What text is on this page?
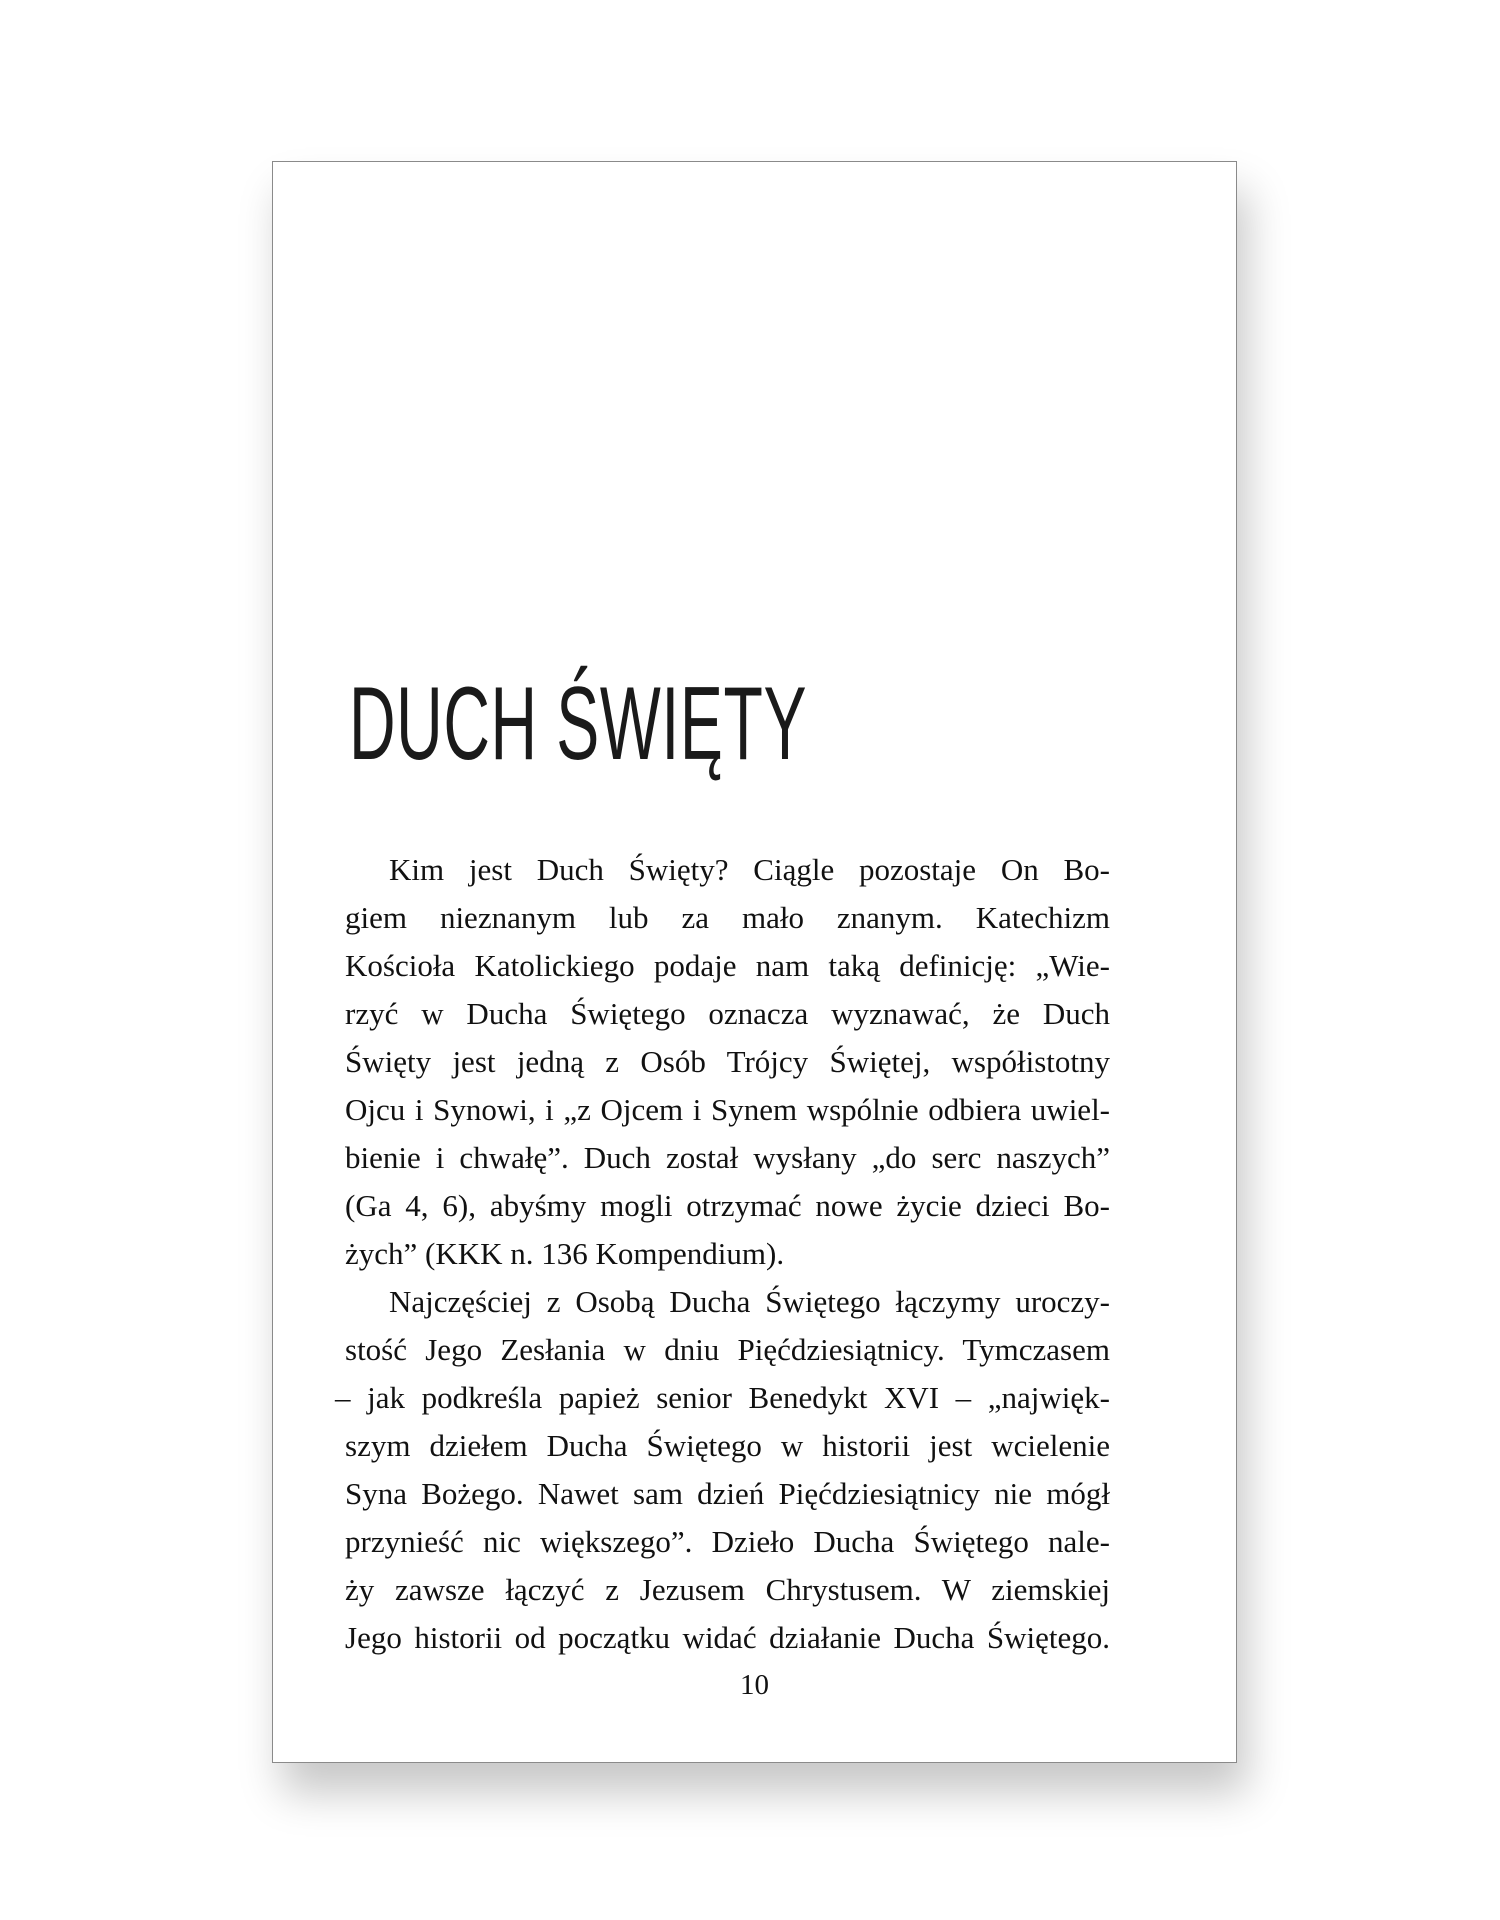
DUCH ŚWIĘTY
Kim jest Duch Święty? Ciągle pozostaje On Bo-
giem nieznanym lub za mało znanym. Katechizm
Kościoła Katolickiego podaje nam taką definicję: „Wie-
rzyć w Ducha Świętego oznacza wyznawać, że Duch
Święty jest jedną z Osób Trójcy Świętej, współistotny
Ojcu i Synowi, i „z Ojcem i Synem wspólnie odbiera uwiel-
bienie i chwałę”. Duch został wysłany „do serc naszych”
(Ga 4, 6), abyśmy mogli otrzymać nowe życie dzieci Bo-
żych” (KKK n. 136 Kompendium).
Najczęściej z Osobą Ducha Świętego łączymy uroczy-
stość Jego Zesłania w dniu Pięćdziesiątnicy. Tymczasem
– jak podkreśla papież senior Benedykt XVI – „najwięk-
szym dziełem Ducha Świętego w historii jest wcielenie
Syna Bożego. Nawet sam dzień Pięćdziesiątnicy nie mógł
przynieść nic większego”. Dzieło Ducha Świętego nale-
ży zawsze łączyć z Jezusem Chrystusem. W ziemskiej
Jego historii od początku widać działanie Ducha Świętego.
10
